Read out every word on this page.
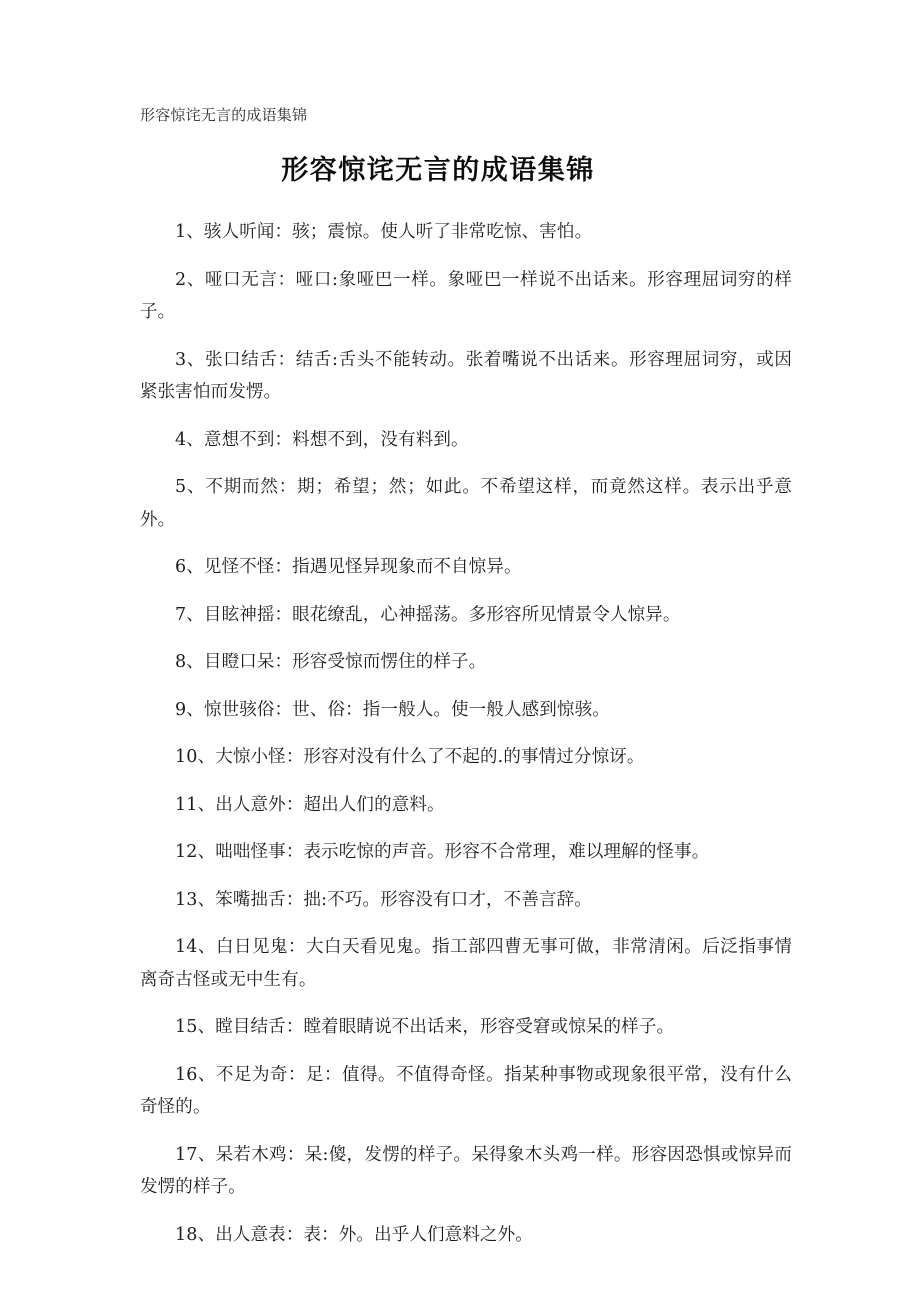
形容惊诧无言的成语集锦
形容惊诧无言的成语集锦

1、骇人听闻：骇；震惊。使人听了非常吃惊、害怕。

2、哑口无言：哑口:象哑巴一样。象哑巴一样说不出话来。形容理屈词穷的样子。

3、张口结舌：结舌:舌头不能转动。张着嘴说不出话来。形容理屈词穷，或因紧张害怕而发愣。

4、意想不到：料想不到，没有料到。

5、不期而然：期；希望；然；如此。不希望这样，而竟然这样。表示出乎意外。

6、见怪不怪：指遇见怪异现象而不自惊异。

7、目眩神摇：眼花缭乱，心神摇荡。多形容所见情景令人惊异。

8、目瞪口呆：形容受惊而愣住的样子。

9、惊世骇俗：世、俗：指一般人。使一般人感到惊骇。

10、大惊小怪：形容对没有什么了不起的.的事情过分惊讶。

11、出人意外：超出人们的意料。

12、咄咄怪事：表示吃惊的声音。形容不合常理，难以理解的怪事。

13、笨嘴拙舌：拙:不巧。形容没有口才，不善言辞。

14、白日见鬼：大白天看见鬼。指工部四曹无事可做，非常清闲。后泛指事情离奇古怪或无中生有。

15、瞠目结舌：瞠着眼睛说不出话来，形容受窘或惊呆的样子。

16、不足为奇：足：值得。不值得奇怪。指某种事物或现象很平常，没有什么奇怪的。

17、呆若木鸡：呆:傻，发愣的样子。呆得象木头鸡一样。形容因恐惧或惊异而发愣的样子。

18、出人意表：表：外。出乎人们意料之外。
